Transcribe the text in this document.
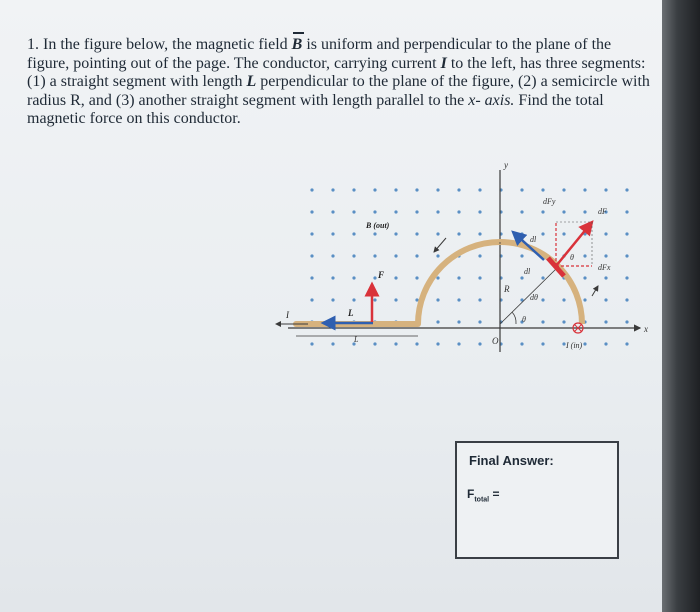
1. In the figure below, the magnetic field B is uniform and perpendicular to the plane of the figure, pointing out of the page. The conductor, carrying current I to the left, has three segments: (1) a straight segment with length L perpendicular to the plane of the figure, (2) a semicircle with radius R, and (3) another straight segment with length parallel to the x- axis. Find the total magnetic force on this conductor.
y
x
O
I	L
F
B (out)
L
R
dFy
dF
dFx
dl
dl
θ
dθ
θ
I (in)
Final Answer:
$F_{total}$ =
